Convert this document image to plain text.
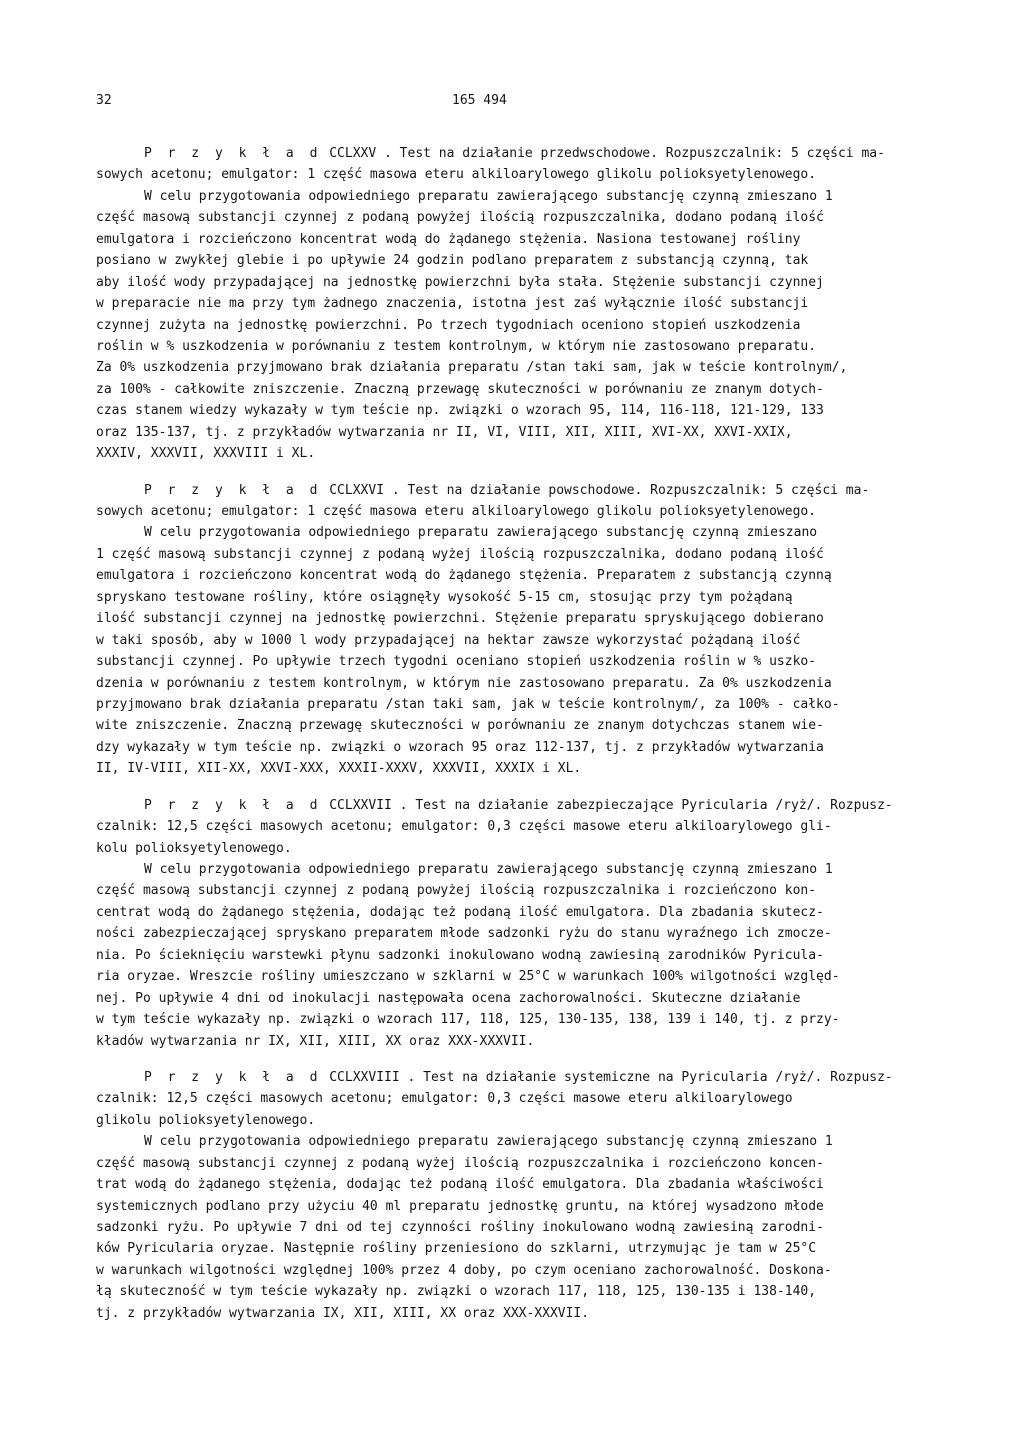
32	165 494
P r z y k ł a d CCLXXV . Test na działanie przedwschodowe. Rozpuszczalnik: 5 części ma-
sowych acetonu; emulgator: 1 część masowa eteru alkiloarylowego glikolu polioksyetylenowego.
W celu przygotowania odpowiedniego preparatu zawierającego substancję czynną zmieszano 1
część masową substancji czynnej z podaną powyżej ilością rozpuszczalnika, dodano podaną ilość
emulgatora i rozcieńczono koncentrat wodą do żądanego stężenia. Nasiona testowanej rośliny
posiano w zwykłej glebie i po upływie 24 godzin podlano preparatem z substancją czynną, tak
aby ilość wody przypadającej na jednostkę powierzchni była stała. Stężenie substancji czynnej
w preparacie nie ma przy tym żadnego znaczenia, istotna jest zaś wyłącznie ilość substancji
czynnej zużyta na jednostkę powierzchni. Po trzech tygodniach oceniono stopień uszkodzenia
roślin w % uszkodzenia w porównaniu z testem kontrolnym, w którym nie zastosowano preparatu.
Za 0% uszkodzenia przyjmowano brak działania preparatu /stan taki sam, jak w teście kontrolnym/,
za 100% - całkowite zniszczenie. Znaczną przewagę skuteczności w porównaniu ze znanym dotych-
czas stanem wiedzy wykazały w tym teście np. związki o wzorach 95, 114, 116-118, 121-129, 133
oraz 135-137, tj. z przykładów wytwarzania nr II, VI, VIII, XII, XIII, XVI-XX, XXVI-XXIX,
XXXIV, XXXVII, XXXVIII i XL.
P r z y k ł a d CCLXXVI . Test na działanie powschodowe. Rozpuszczalnik: 5 części ma-
sowych acetonu; emulgator: 1 część masowa eteru alkiloarylowego glikolu polioksyetylenowego.
W celu przygotowania odpowiedniego preparatu zawierającego substancję czynną zmieszano
1 część masową substancji czynnej z podaną wyżej ilością rozpuszczalnika, dodano podaną ilość
emulgatora i rozcieńczono koncentrat wodą do żądanego stężenia. Preparatem z substancją czynną
spryskano testowane rośliny, które osiągnęły wysokość 5-15 cm, stosując przy tym pożądaną
ilość substancji czynnej na jednostkę powierzchni. Stężenie preparatu spryskującego dobierano
w taki sposób, aby w 1000 l wody przypadającej na hektar zawsze wykorzystać pożądaną ilość
substancji czynnej. Po upływie trzech tygodni oceniano stopień uszkodzenia roślin w % uszko-
dzenia w porównaniu z testem kontrolnym, w którym nie zastosowano preparatu. Za 0% uszkodzenia
przyjmowano brak działania preparatu /stan taki sam, jak w teście kontrolnym/, za 100% - całko-
wite zniszczenie. Znaczną przewagę skuteczności w porównaniu ze znanym dotychczas stanem wie-
dzy wykazały w tym teście np. związki o wzorach 95 oraz 112-137, tj. z przykładów wytwarzania
II, IV-VIII, XII-XX, XXVI-XXX, XXXII-XXXV, XXXVII, XXXIX i XL.
P r z y k ł a d CCLXXVII . Test na działanie zabezpieczające Pyricularia /ryż/. Rozpusz-
czalnik: 12,5 części masowych acetonu; emulgator: 0,3 części masowe eteru alkiloarylowego gli-
kolu polioksyetylenowego.
W celu przygotowania odpowiedniego preparatu zawierającego substancję czynną zmieszano 1
część masową substancji czynnej z podaną powyżej ilością rozpuszczalnika i rozcieńczono kon-
centrat wodą do żądanego stężenia, dodając też podaną ilość emulgatora. Dla zbadania skutecz-
ności zabezpieczającej spryskano preparatem młode sadzonki ryżu do stanu wyraźnego ich zmocze-
nia. Po ścieknięciu warstewki płynu sadzonki inokulowano wodną zawiesiną zarodników Pyricula-
ria oryzae. Wreszcie rośliny umieszczano w szklarni w 25°C w warunkach 100% wilgotności względ-
nej. Po upływie 4 dni od inokulacji następowała ocena zachorowalności. Skuteczne działanie
w tym teście wykazały np. związki o wzorach 117, 118, 125, 130-135, 138, 139 i 140, tj. z przy-
kładów wytwarzania nr IX, XII, XIII, XX oraz XXX-XXXVII.
P r z y k ł a d CCLXXVIII . Test na działanie systemiczne na Pyricularia /ryż/. Rozpusz-
czalnik: 12,5 części masowych acetonu; emulgator: 0,3 części masowe eteru alkiloarylowego
glikolu polioksyetylenowego.
W celu przygotowania odpowiedniego preparatu zawierającego substancję czynną zmieszano 1
część masową substancji czynnej z podaną wyżej ilością rozpuszczalnika i rozcieńczono koncen-
trat wodą do żądanego stężenia, dodając też podaną ilość emulgatora. Dla zbadania właściwości
systemicznych podlano przy użyciu 40 ml preparatu jednostkę gruntu, na której wysadzono młode
sadzonki ryżu. Po upływie 7 dni od tej czynności rośliny inokulowano wodną zawiesiną zarodni-
ków Pyricularia oryzae. Następnie rośliny przeniesiono do szklarni, utrzymując je tam w 25°C
w warunkach wilgotności względnej 100% przez 4 doby, po czym oceniano zachorowalność. Doskona-
łą skuteczność w tym teście wykazały np. związki o wzorach 117, 118, 125, 130-135 i 138-140,
tj. z przykładów wytwarzania IX, XII, XIII, XX oraz XXX-XXXVII.
